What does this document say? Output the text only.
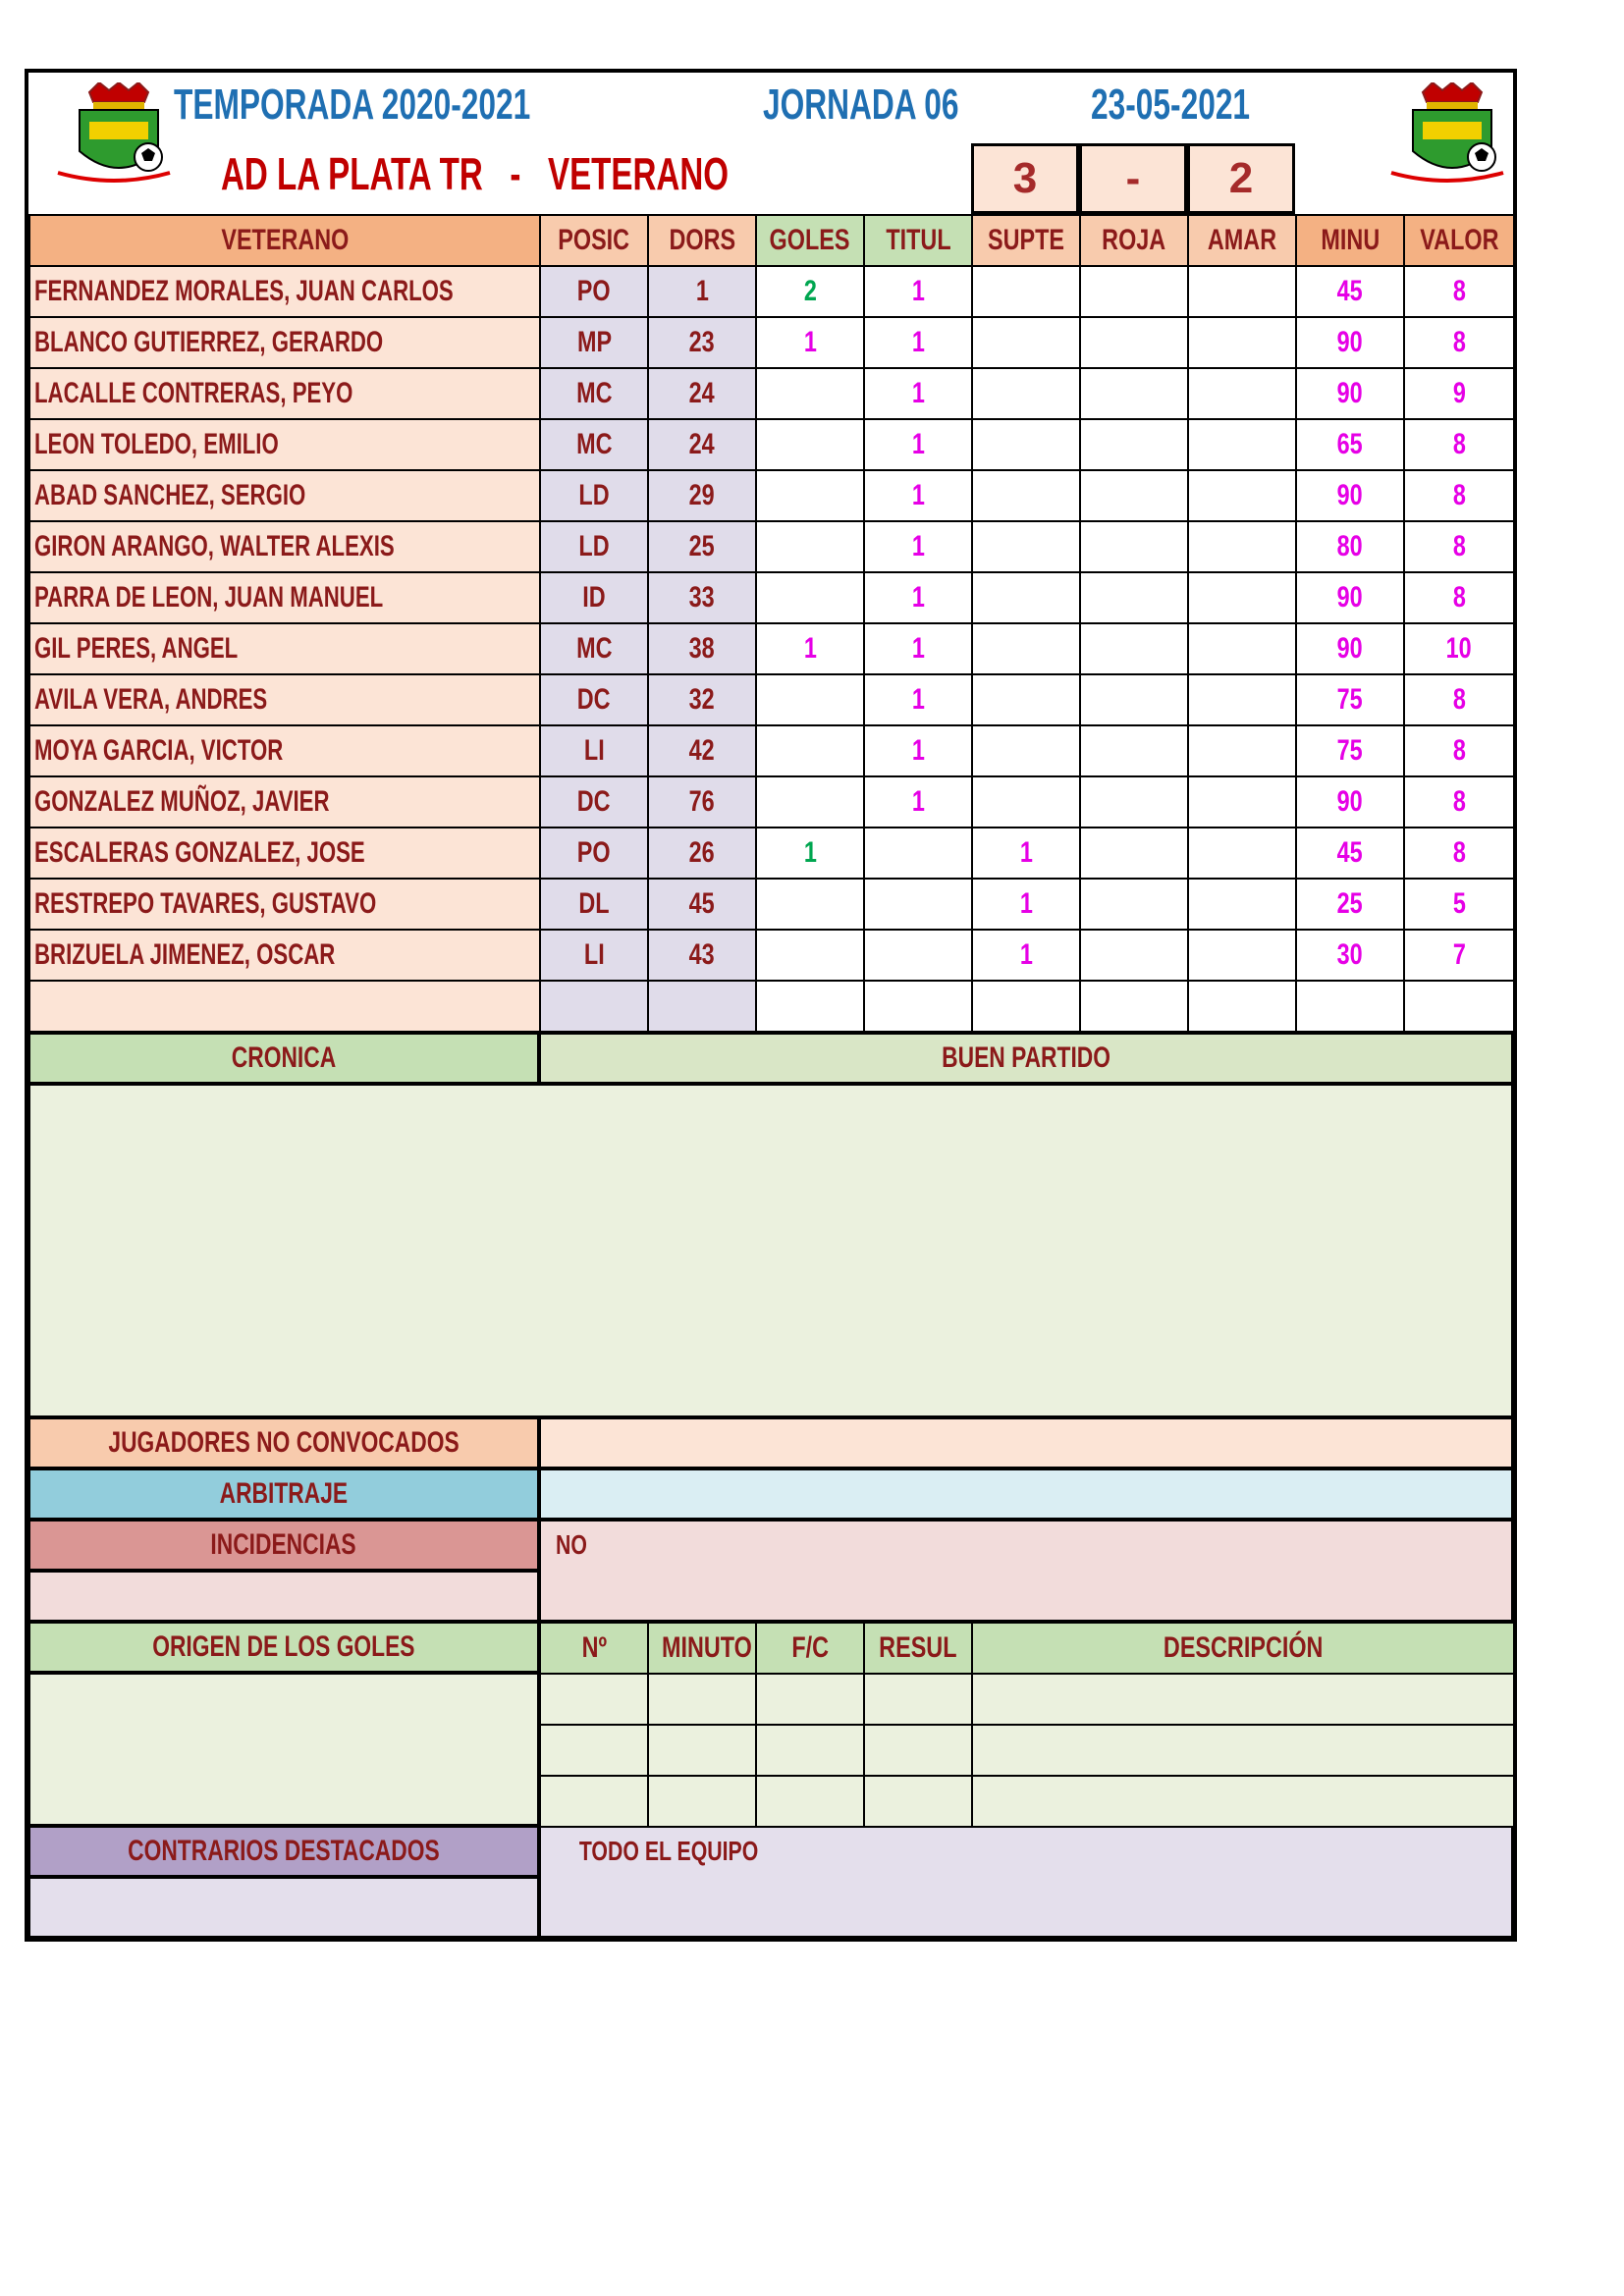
TEMPORADA 2020-2021	JORNADA 06	23-05-2021
AD LA PLATA TR   -   VETERANO	3	-	2
VETERANO	POSIC	DORS	GOLES	TITUL	SUPTE	ROJA	AMAR	MINU	VALOR
FERNANDEZ MORALES, JUAN CARLOS	PO	1	2	1				45	8
BLANCO GUTIERREZ, GERARDO	MP	23	1	1				90	8
LACALLE CONTRERAS, PEYO	MC	24		1				90	9
LEON TOLEDO, EMILIO	MC	24		1				65	8
ABAD SANCHEZ, SERGIO	LD	29		1				90	8
GIRON ARANGO, WALTER ALEXIS	LD	25		1				80	8
PARRA DE LEON, JUAN MANUEL	ID	33		1				90	8
GIL PERES, ANGEL	MC	38	1	1				90	10
AVILA VERA, ANDRES	DC	32		1				75	8
MOYA GARCIA, VICTOR	LI	42		1				75	8
GONZALEZ MUÑOZ, JAVIER	DC	76		1				90	8
ESCALERAS GONZALEZ, JOSE	PO	26	1		1			45	8
RESTREPO TAVARES, GUSTAVO	DL	45			1			25	5
BRIZUELA JIMENEZ, OSCAR	LI	43			1			30	7

CRONICA	BUEN PARTIDO
JUGADORES NO CONVOCADOS
ARBITRAJE
INCIDENCIAS	NO
ORIGEN DE LOS GOLES	Nº	MINUTO	F/C	RESUL	DESCRIPCIÓN

CONTRARIOS DESTACADOS	TODO EL EQUIPO
